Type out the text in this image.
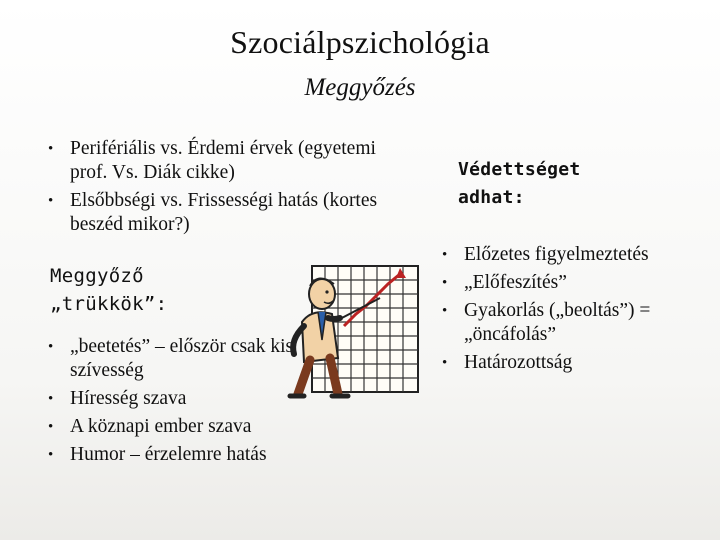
Szociálpszichológia
Meggyőzés
• Perifériális vs. Érdemi érvek (egyetemi prof. Vs. Diák cikke)
• Elsőbbségi vs. Frissességi hatás (kortes beszéd mikor?)
Meggyőző „trükkök”:
• „beetetés” – először csak kis szívesség
• Híresség szava
• A köznapi ember szava
• Humor – érzelemre hatás
Védettséget adhat:
• Előzetes figyelmeztetés
• „Előfeszítés”
• Gyakorlás („beoltás”) = „öncáfolás”
• Határozottság
